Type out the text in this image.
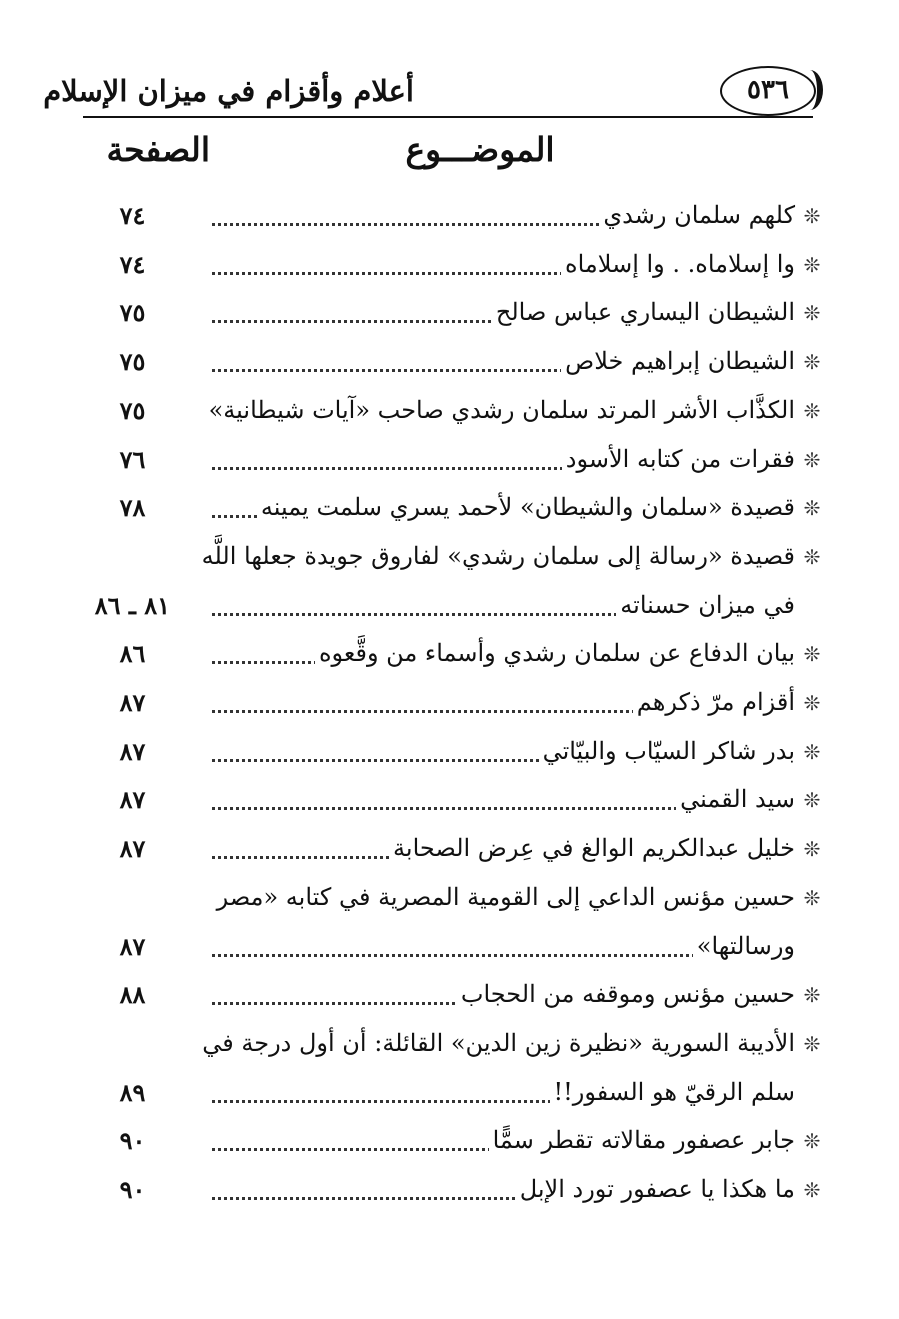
أعلام وأقزام في ميزان الإسلام	٥٣٦
الموضـــوع
الصفحة
❊
كلهم سلمان رشدي
٧٤
❊
وا إسلاماه. . وا إسلاماه
٧٤
❊
الشيطان اليساري عباس صالح
٧٥
❊
الشيطان إبراهيم خلاص
٧٥
❊
الكذَّاب الأشر المرتد سلمان رشدي صاحب «آيات شيطانية»
٧٥
❊
فقرات من كتابه الأسود
٧٦
❊
قصيدة «سلمان والشيطان» لأحمد يسري سلمت يمينه
٧٨
❊
قصيدة «رسالة إلى سلمان رشدي» لفاروق جويدة جعلها اللَّه
في ميزان حسناته
٨١ ـ ٨٦
❊
بيان الدفاع عن سلمان رشدي وأسماء من وقَّعوه
٨٦
❊
أقزام مرّ ذكرهم
٨٧
❊
بدر شاكر السيّاب والبيّاتي
٨٧
❊
سيد القمني
٨٧
❊
خليل عبدالكريم الوالغ في عِرض الصحابة
٨٧
❊
حسين مؤنس الداعي إلى القومية المصرية في كتابه «مصر
ورسالتها»
٨٧
❊
حسين مؤنس وموقفه من الحجاب
٨٨
❊
الأديبة السورية «نظيرة زين الدين» القائلة: أن أول درجة في
سلم الرقيّ هو السفور!!
٨٩
❊
جابر عصفور مقالاته تقطر سمًّا
٩٠
❊
ما هكذا يا عصفور تورد الإبل
٩٠
